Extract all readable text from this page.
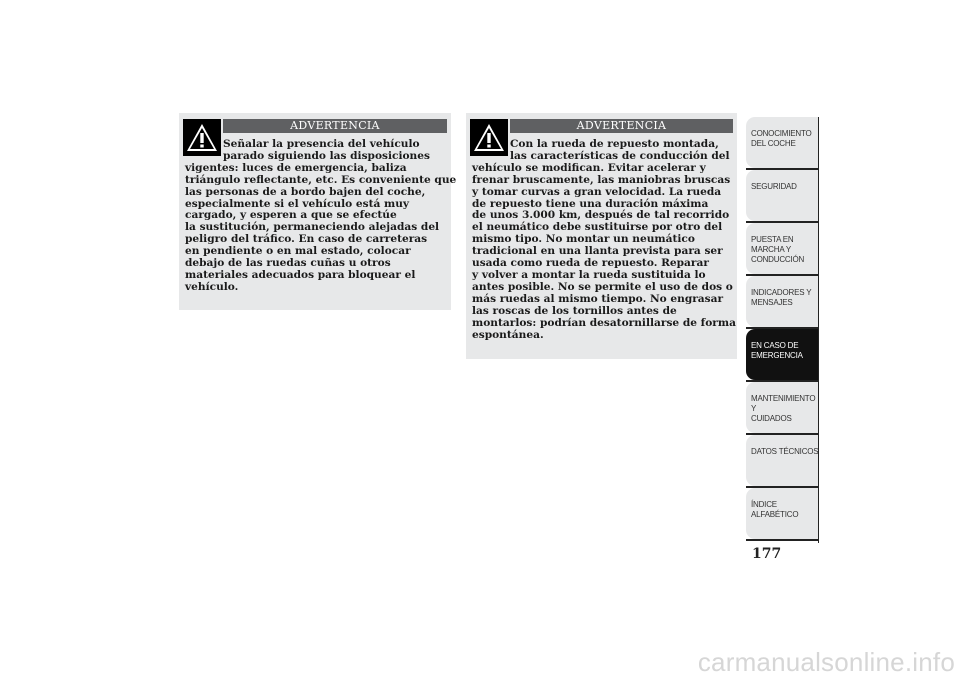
ADVERTENCIA
Señalar la presencia del vehículo
parado siguiendo las disposiciones
vigentes: luces de emergencia, baliza
triángulo reflectante, etc. Es conveniente que
las personas de a bordo bajen del coche,
especialmente si el vehículo está muy
cargado, y esperen a que se efectúe
la sustitución, permaneciendo alejadas del
peligro del tráfico. En caso de carreteras
en pendiente o en mal estado, colocar
debajo de las ruedas cuñas u otros
materiales adecuados para bloquear el
vehículo.
ADVERTENCIA
Con la rueda de repuesto montada,
las características de conducción del
vehículo se modifican. Evitar acelerar y
frenar bruscamente, las maniobras bruscas
y tomar curvas a gran velocidad. La rueda
de repuesto tiene una duración máxima
de unos 3.000 km, después de tal recorrido
el neumático debe sustituirse por otro del
mismo tipo. No montar un neumático
tradicional en una llanta prevista para ser
usada como rueda de repuesto. Reparar
y volver a montar la rueda sustituida lo
antes posible. No se permite el uso de dos o
más ruedas al mismo tiempo. No engrasar
las roscas de los tornillos antes de
montarlos: podrían desatornillarse de forma
espontánea.
CONOCIMIENTO
DEL COCHE
SEGURIDAD
PUESTA EN
MARCHA Y
CONDUCCIÓN
INDICADORES Y
MENSAJES
EN CASO DE
EMERGENCIA
MANTENIMIENTO Y
CUIDADOS
DATOS TÉCNICOS
ÍNDICE
ALFABÉTICO
177
carmanualsonline.info
